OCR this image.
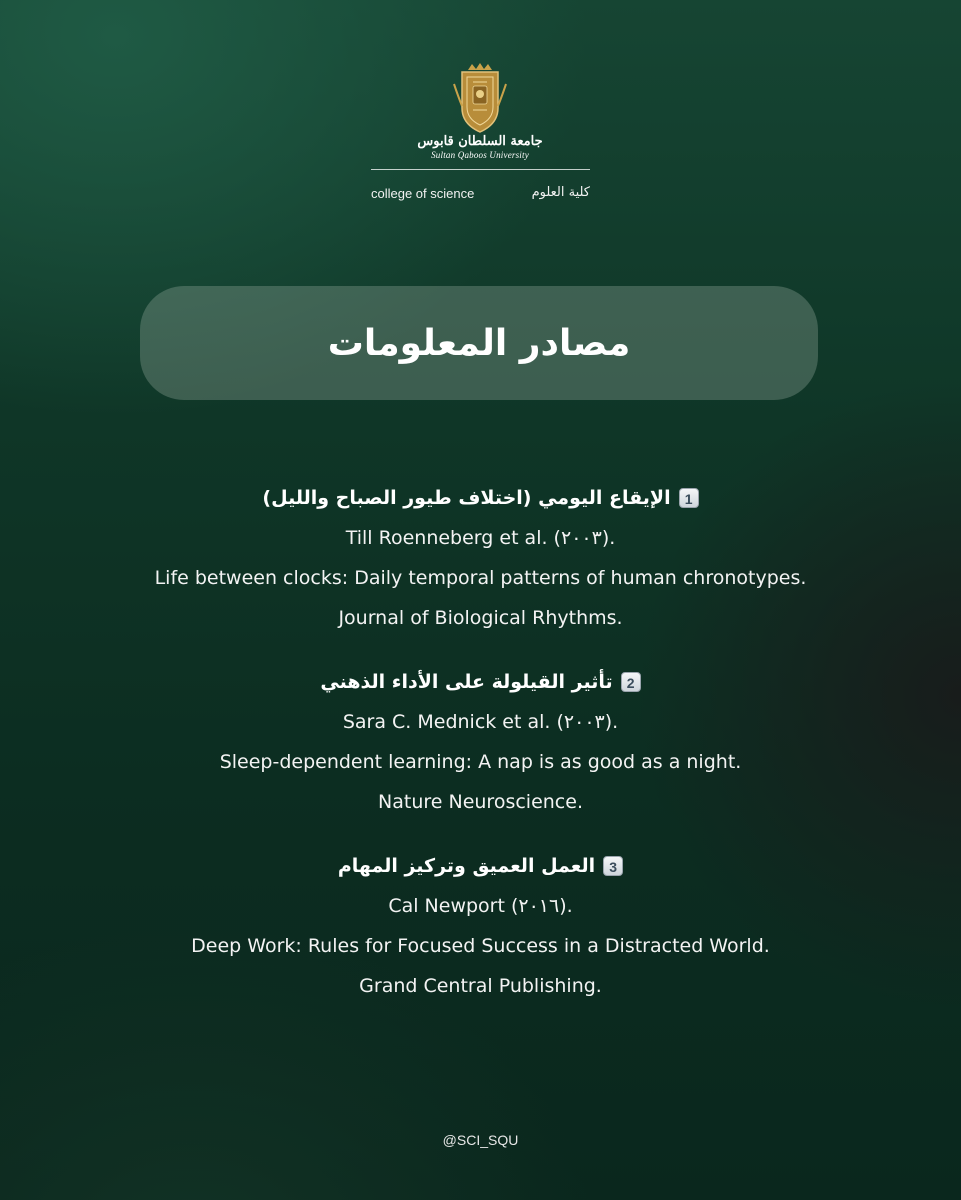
جامعة السلطان قابوس
Sultan Qaboos University
college of science	كلية العلوم
مصادر المعلومات
1
الإيقاع اليومي (اختلاف طيور الصباح والليل)
Till Roenneberg et al. (٢٠٠٣).
Life between clocks: Daily temporal patterns of human chronotypes.
Journal of Biological Rhythms.
2
تأثير القيلولة على الأداء الذهني
Sara C. Mednick et al. (٢٠٠٣).
Sleep-dependent learning: A nap is as good as a night.
Nature Neuroscience.
3
العمل العميق وتركيز المهام
Cal Newport (٢٠١٦).
Deep Work: Rules for Focused Success in a Distracted World.
Grand Central Publishing.
@SCI_SQU
